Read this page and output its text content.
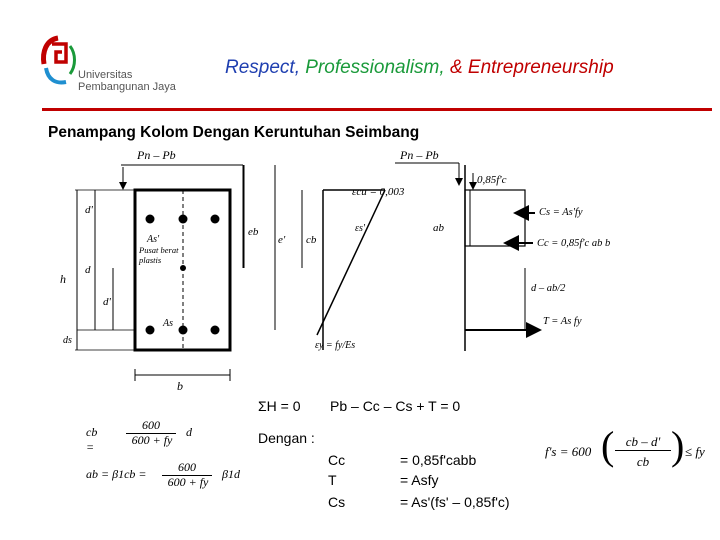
Universitas
Pembangunan Jaya
Respect, Professionalism, & Entrepreneurship
Penampang Kolom Dengan Keruntuhan Seimbang
As'
Pusat berat
plastis
As
Pn – Pb
h
d'
d
d'
ds
b
eb
e' cb
εcu = 0,003
εs'
εy = fy/Es
Pn – Pb
ab
0,85f'c
Cs = As'fy
Cc = 0,85f'c ab b
d – ab/2
T = As fy
ΣH = 0 Pb – Cc – Cs + T = 0
Dengan :
cb =
600
600 + fy
d
ab = β1cb =	600
600 + fy
β1d
Cc	= 0,85f'cabb
T	= Asfy
Cs	= As'(fs' – 0,85f'c)
f's = 600 ( cb – d'
cb ) ≤ fy
